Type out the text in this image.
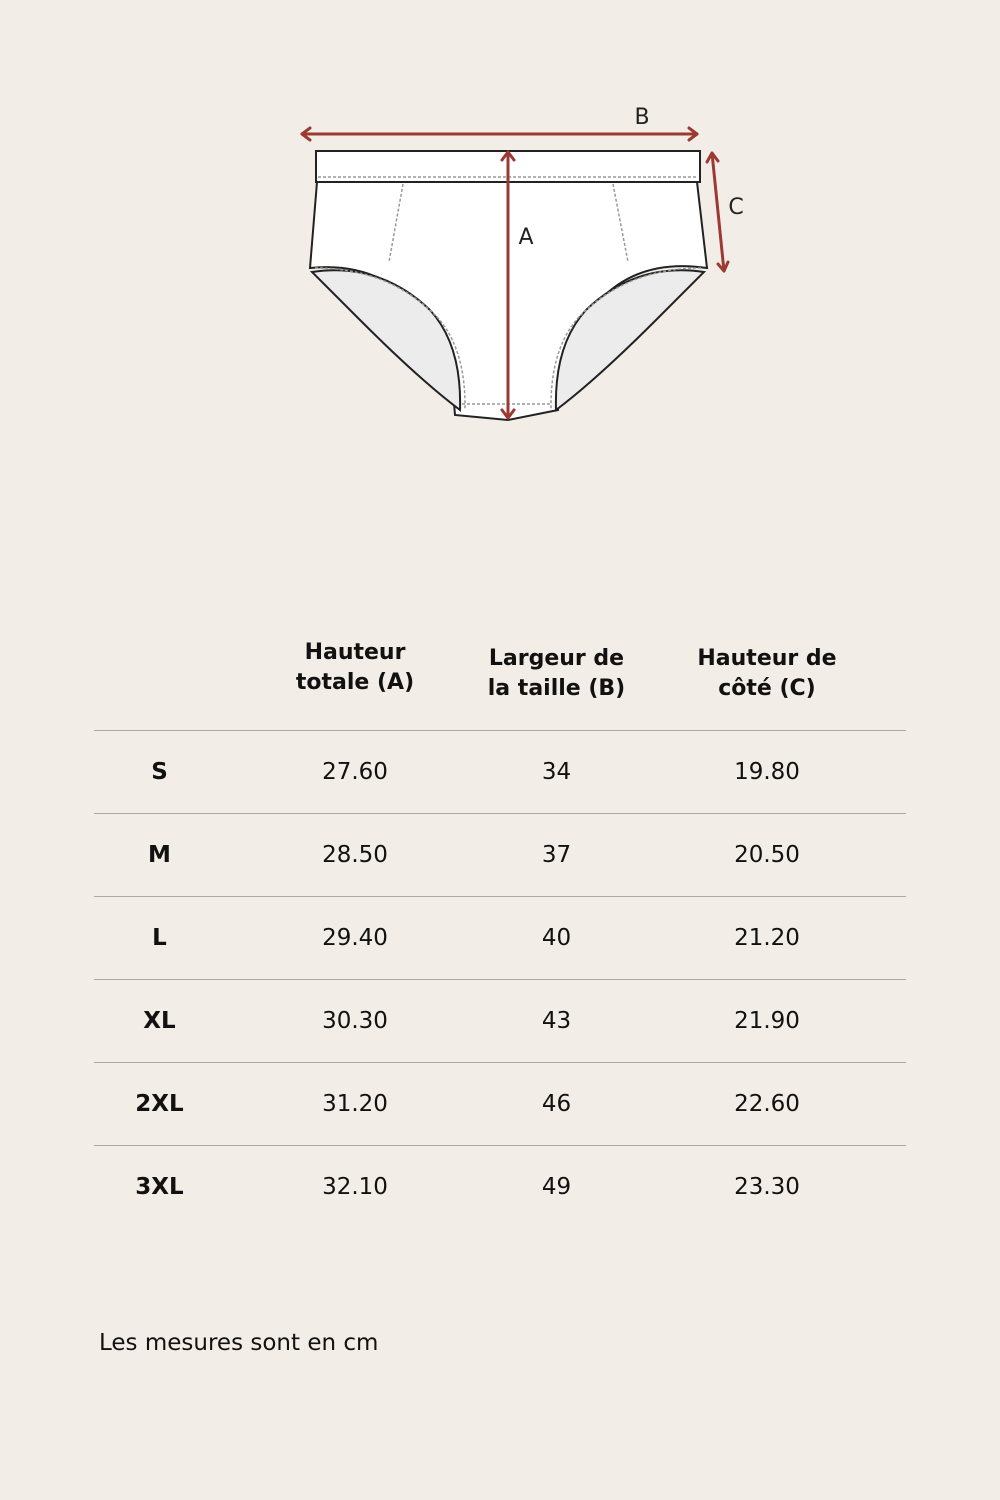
B
A
C
Hauteur
totale (A)
Largeur de
la taille (B)
Hauteur de
côté (C)
S	27.60	34	19.80
M	28.50	37	20.50
L	29.40	40	21.20
XL	30.30	43	21.90
2XL	31.20	46	22.60
3XL	32.10	49	23.30
Les mesures sont en cm
